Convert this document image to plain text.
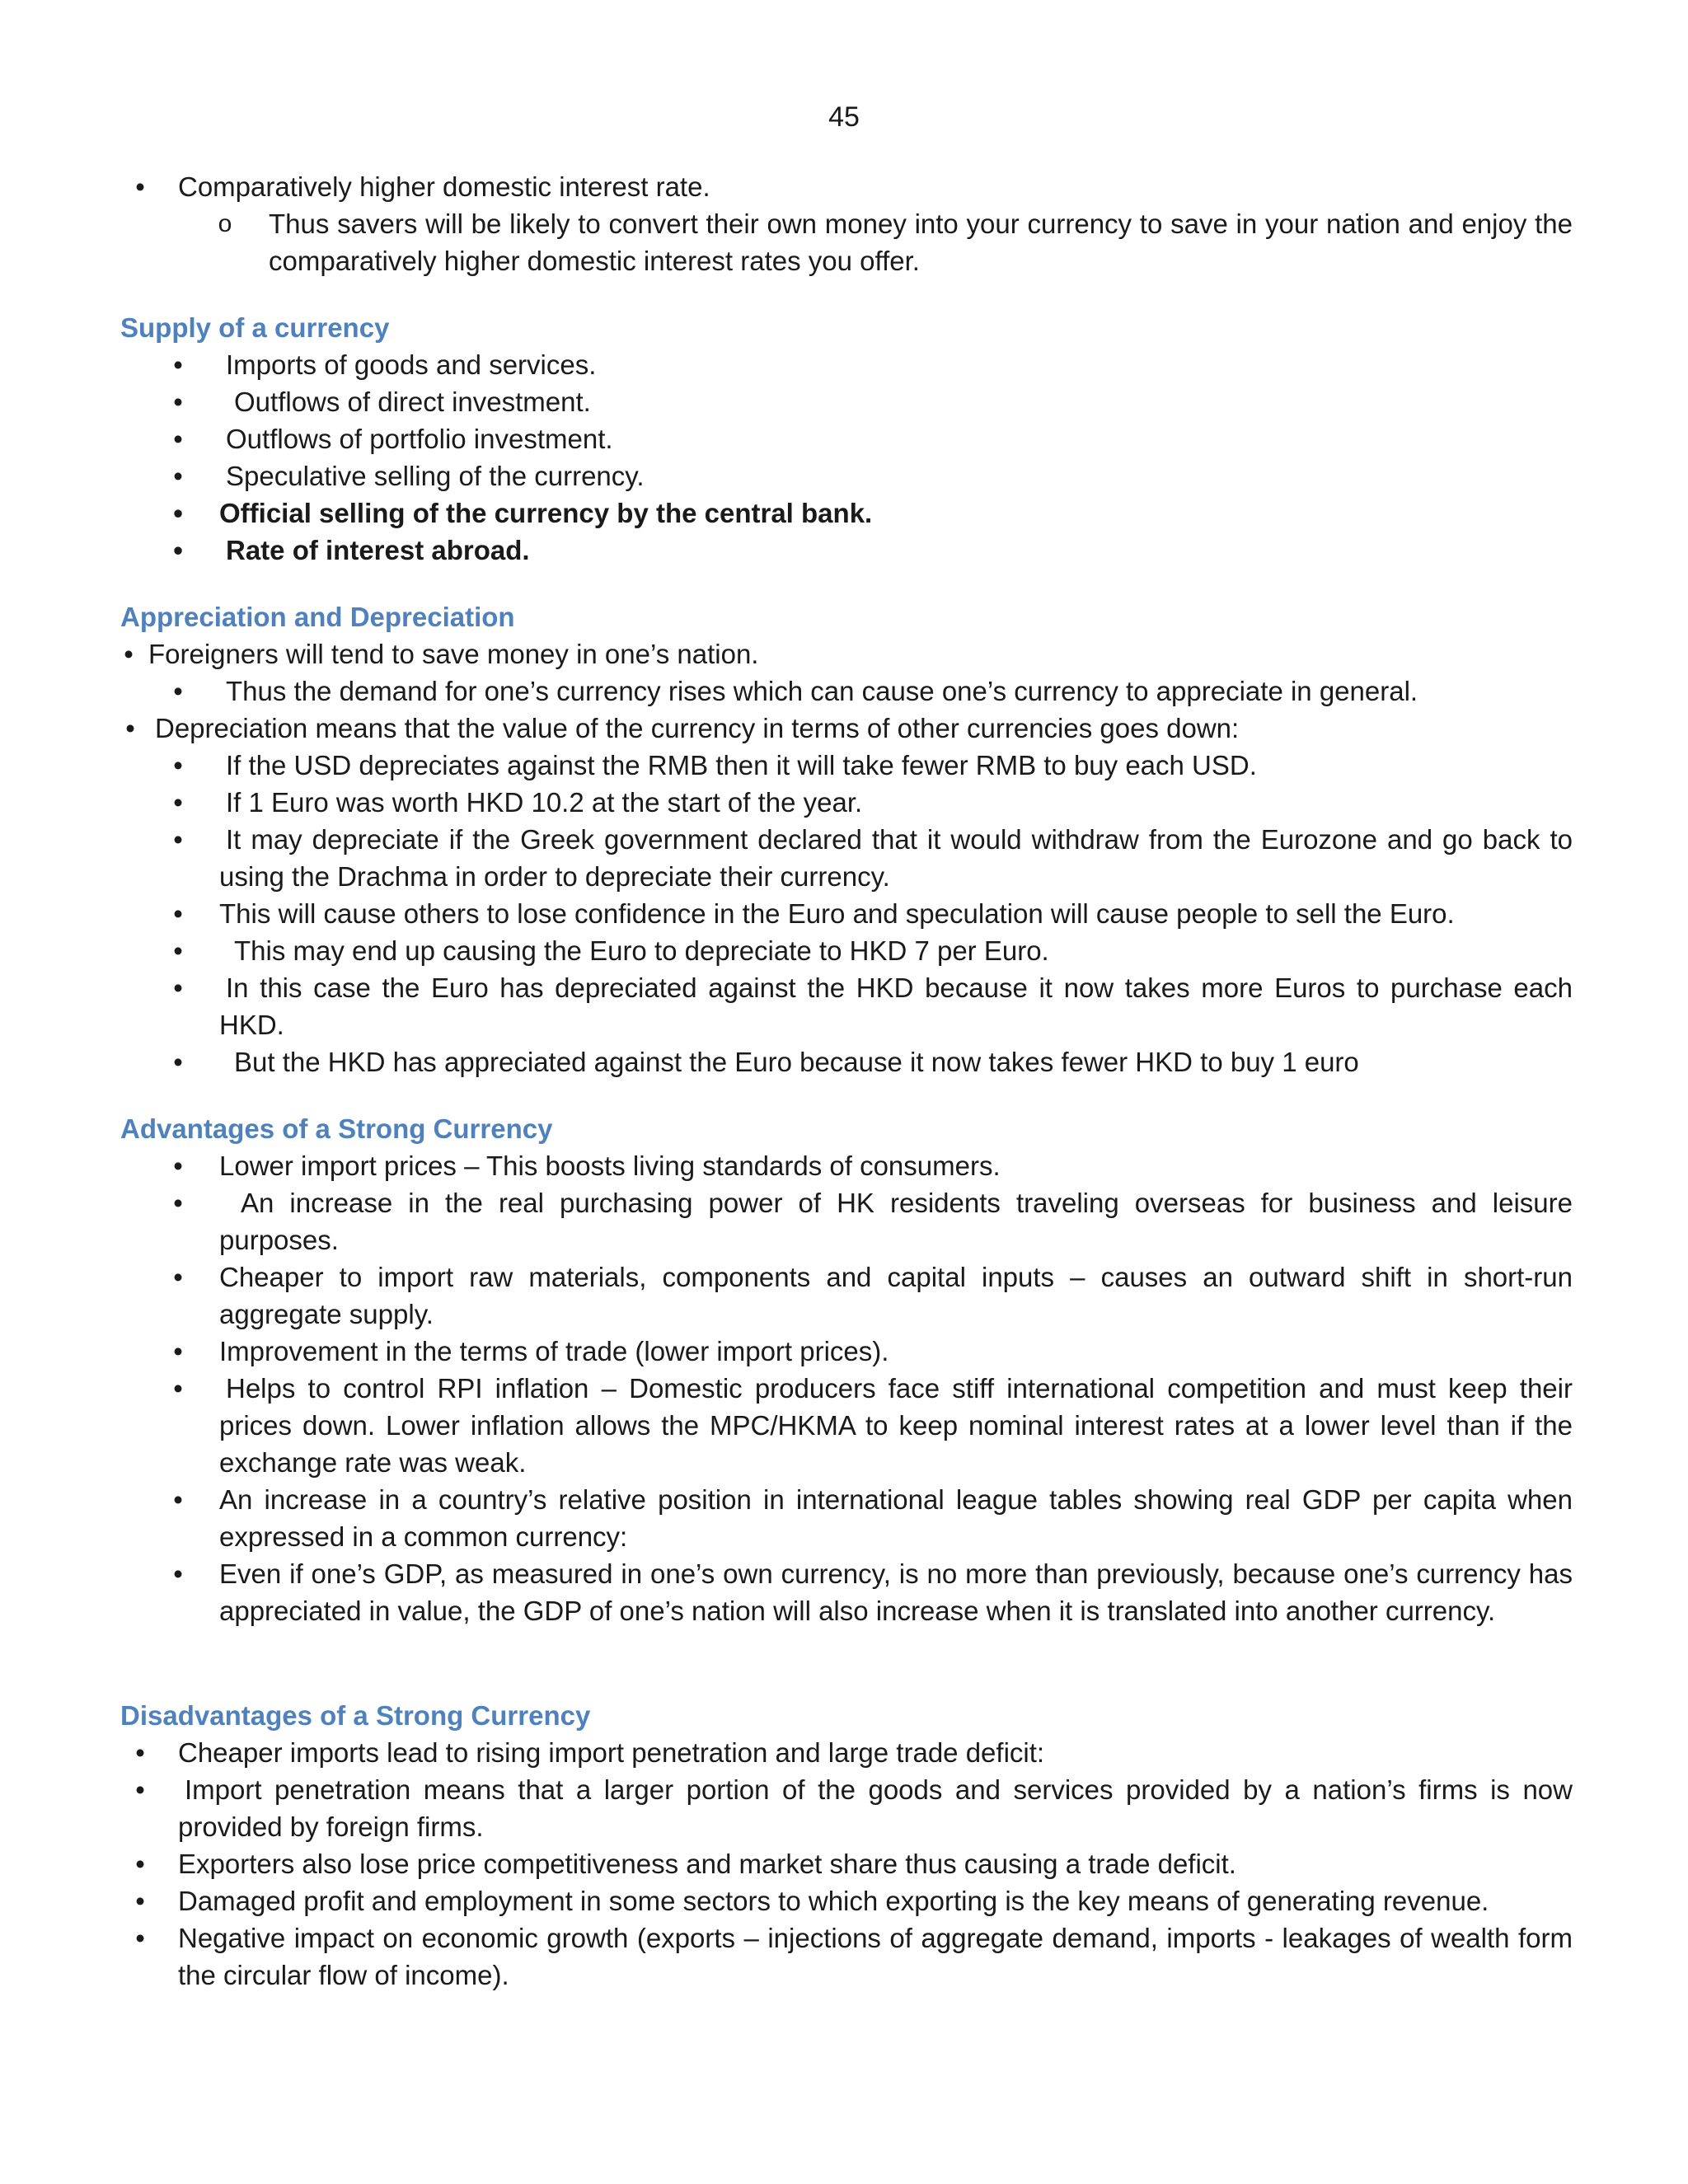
45
•	Comparatively higher domestic interest rate.
o Thus savers will be likely to convert their own money into your currency to save in your nation and enjoy the comparatively higher domestic interest rates you offer.
Supply of a currency
•	Imports of goods and services.
•	Outflows of direct investment.
•	Outflows of portfolio investment.
•	Speculative selling of the currency.
•	Official selling of the currency by the central bank.
•	Rate of interest abroad.
Appreciation and Depreciation
• Foreigners will tend to save money in one’s nation.
•	Thus the demand for one’s currency rises which can cause one’s currency to appreciate in general.
• Depreciation means that the value of the currency in terms of other currencies goes down:
•	If the USD depreciates against the RMB then it will take fewer RMB to buy each USD.
•	If 1 Euro was worth HKD 10.2 at the start of the year.
•	It may depreciate if the Greek government declared that it would withdraw from the Eurozone and go back to using the Drachma in order to depreciate their currency.
•	This will cause others to lose confidence in the Euro and speculation will cause people to sell the Euro.
•	This may end up causing the Euro to depreciate to HKD 7 per Euro.
•	In this case the Euro has depreciated against the HKD because it now takes more Euros to purchase each HKD.
•	But the HKD has appreciated against the Euro because it now takes fewer HKD to buy 1 euro
Advantages of a Strong Currency
•	Lower import prices – This boosts living standards of consumers.
•	An increase in the real purchasing power of HK residents traveling overseas for business and leisure purposes.
•	Cheaper to import raw materials, components and capital inputs – causes an outward shift in short-run aggregate supply.
•	Improvement in the terms of trade (lower import prices).
•	Helps to control RPI inflation – Domestic producers face stiff international competition and must keep their prices down. Lower inflation allows the MPC/HKMA to keep nominal interest rates at a lower level than if the exchange rate was weak.
•	An increase in a country’s relative position in international league tables showing real GDP per capita when expressed in a common currency:
•	Even if one’s GDP, as measured in one’s own currency, is no more than previously, because one’s currency has appreciated in value, the GDP of one’s nation will also increase when it is translated into another currency.
Disadvantages of a Strong Currency
•	Cheaper imports lead to rising import penetration and large trade deficit:
•	Import penetration means that a larger portion of the goods and services provided by a nation’s firms is now provided by foreign firms.
•	Exporters also lose price competitiveness and market share thus causing a trade deficit.
•	Damaged profit and employment in some sectors to which exporting is the key means of generating revenue.
•	Negative impact on economic growth (exports – injections of aggregate demand, imports - leakages of wealth form the circular flow of income).
